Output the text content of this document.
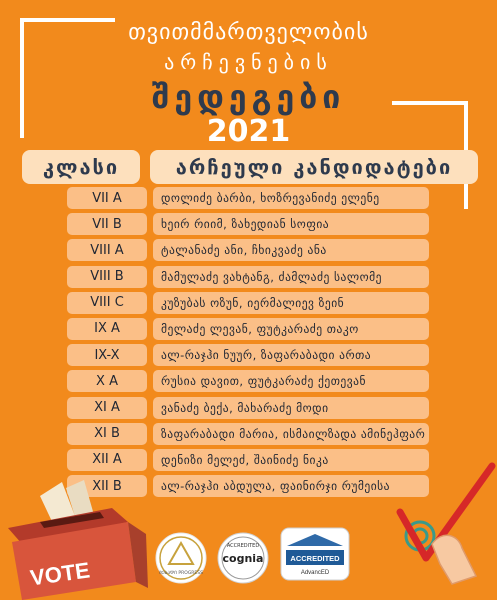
თვითმმართველობის
არჩევნების
შედეგები
2021
კლასი	არჩეული კანდიდატები
VII A	დოლიძე ბარბი, ხოზრევანიძე ელენე
VII B	ხეირ რიიმ, ზახედიან სოფია
VIII A	ტალანაძე ანი, ჩხიკვაძე ანა
VIII B	მამულაძე ვახტანგ, ძამლაძე სალომე
VIII C	კუზუბას ოზუნ, იერმალიევ ზეინ
IX A	მელაძე ლევან, ფუტკარაძე თაკო
IX-X	ალ-რაჯჰი ნუურ, ზაფარაბადი ართა
X A	რუსია დავით, ფუტკარაძე ქეთევან
XI A	ვანაძე ბექა, მახარაძე მოდი
XI B	ზაფარაბადი მარია, ისმაილზადა ამინეჰფარ
XII A	დენიზი მელეძ, შაინიძე ნიკა
XII B	ალ-რაჯჰი აბდულა, ფაინირჯი რუმეისა
VOTE	ᲛᲔᲑᲐᲓᲘ PROGRESS
ACCREDITED
cognia	ACCREDITED
AdvancED
